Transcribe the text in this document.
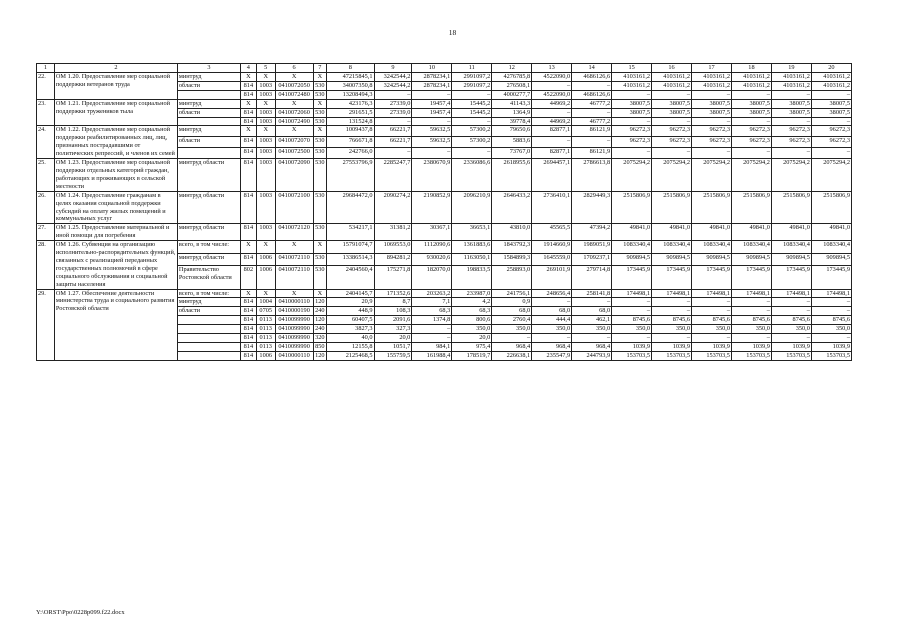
18
1	2	3	4	5	6	7	8	9	10	11	12	13	14	15	16	17	18	19	20
22.	ОМ 1.20. Предоставление мер социальной поддержки ветеранов труда	минтруд	Х	Х	Х	Х	47215845,1	3242544,2	2878234,1	2991097,2	4276785,8	4522090,0	4686126,6	4103161,2	4103161,2	4103161,2	4103161,2	4103161,2	4103161,2
		области	814	1003	0410072050	530	34007350,8	3242544,2	2878234,1	2991097,2	276508,1	–	–	4103161,2	4103161,2	4103161,2	4103161,2	4103161,2	4103161,2
			814	1003	0410072480	530	13208494,3	–	–	–	4000277,7	4522090,0	4686126,6	–	–	–	–	–	–
23.	ОМ 1.21. Предоставление мер социальной поддержки тружеников тыла	минтруд	Х	Х	Х	Х	423176,3	27339,0	19457,4	15445,2	41143,3	44969,2	46777,2	38007,5	38007,5	38007,5	38007,5	38007,5	38007,5
		области	814	1003	0410072060	530	291651,5	27339,0	19457,4	15445,2	1364,9	–	–	38007,5	38007,5	38007,5	38007,5	38007,5	38007,5
			814	1003	0410072490	530	131524,8	–	–	–	39778,4	44969,2	46777,2	–	–	–	–	–	–
24.	ОМ 1.22. Предоставление мер социальной поддержки реабилитированных лиц, лиц, признанных пострадавшими от политических репрессий, и членов их семей	минтруд	Х	Х	Х	Х	1009437,8	66221,7	59632,5	57300,2	79650,6	82877,1	86121,9	96272,3	96272,3	96272,3	96272,3	96272,3	96272,3
		области	814	1003	0410072070	530	766671,8	66221,7	59632,5	57300,2	5883,6	–	–	96272,3	96272,3	96272,3	96272,3	96272,3	96272,3
			814	1003	0410072500	530	242766,0	–	–	–	73767,0	82877,1	86121,9	–	–	–	–	–	–
25.	ОМ 1.23. Предоставление мер социальной поддержки отдельных категорий граждан, работающих и проживающих в сельской местности	минтруд области	814	1003	0410072090	530	27553796,9	2285247,7	2380670,9	2336086,6	2618955,6	2694457,1	2786613,8	2075294,2	2075294,2	2075294,2	2075294,2	2075294,2	2075294,2
26.	ОМ 1.24. Предоставление гражданам в целях оказания социальной поддержки субсидий на оплату жилых помещений и коммунальных услуг	минтруд области	814	1003	0410072100	530	29684472,0	2090274,2	2190852,9	2096210,9	2646433,2	2736410,1	2829449,3	2515806,9	2515806,9	2515806,9	2515806,9	2515806,9	2515806,9
27.	ОМ 1.25. Предоставление материальной и иной помощи для погребения	минтруд области	814	1003	0410072120	530	534217,1	31381,2	30367,1	36653,1	43810,0	45565,5	47394,2	49841,0	49841,0	49841,0	49841,0	49841,0	49841,0
28.	ОМ 1.26. Субвенция на организацию исполнительно-распорядительных функций, связанных с реализацией переданных государственных полномочий в сфере социального обслуживания и социальной защиты населения	всего, в том числе:	Х	Х	Х	Х	15791074,7	1069553,0	1112090,6	1361883,6	1843792,3	1914660,9	1989051,9	1083340,4	1083340,4	1083340,4	1083340,4	1083340,4	1083340,4
		минтруд области	814	1006	0410072110	530	13386514,3	894281,2	930020,6	1163050,1	1584899,3	1645559,0	1709237,1	909894,5	909894,5	909894,5	909894,5	909894,5	909894,5
		Правительство Ростовской области	802	1006	0410072110	530	2404560,4	175271,8	182070,0	198833,5	258893,0	269101,9	279714,8	173445,9	173445,9	173445,9	173445,9	173445,9	173445,9
29.	ОМ 1.27. Обеспечение деятельности министерства труда и социального развития Ростовской области	всего, в том числе:	Х	Х	Х	Х	2404145,7	171352,6	203263,2	233987,0	241756,1	248656,4	258141,8	174498,1	174498,1	174498,1	174498,1	174498,1	174498,1
		минтруд	814	1004	0410000110	120	20,9	8,7	7,1	4,2	0,9	–	–	–	–	–	–	–	–
		области	814	0705	0410000190	240	448,9	108,3	68,3	68,3	68,0	68,0	68,0	–	–	–	–	–	–
			814	0113	0410099990	120	60407,5	2091,6	1374,8	800,6	2760,4	444,4	462,1	8745,6	8745,6	8745,6	8745,6	8745,6	8745,6
			814	0113	0410099990	240	3827,3	327,3	–	350,0	350,0	350,0	350,0	350,0	350,0	350,0	350,0	350,0	350,0
			814	0113	0410099990	320	40,0	20,0	–	20,0	–	–	–	–	–	–	–	–	–
			814	0113	0410099990	850	12155,8	1051,7	984,1	975,4	968,4	968,4	968,4	1039,9	1039,9	1039,9	1039,9	1039,9	1039,9
			814	1006	0410000110	120	2125468,5	155759,5	161988,4	178519,7	226638,1	235547,9	244793,9	153703,5	153703,5	153703,5	153703,5	153703,5	153703,5
Y:\ORST\Ppo\0228p099.f22.docx
